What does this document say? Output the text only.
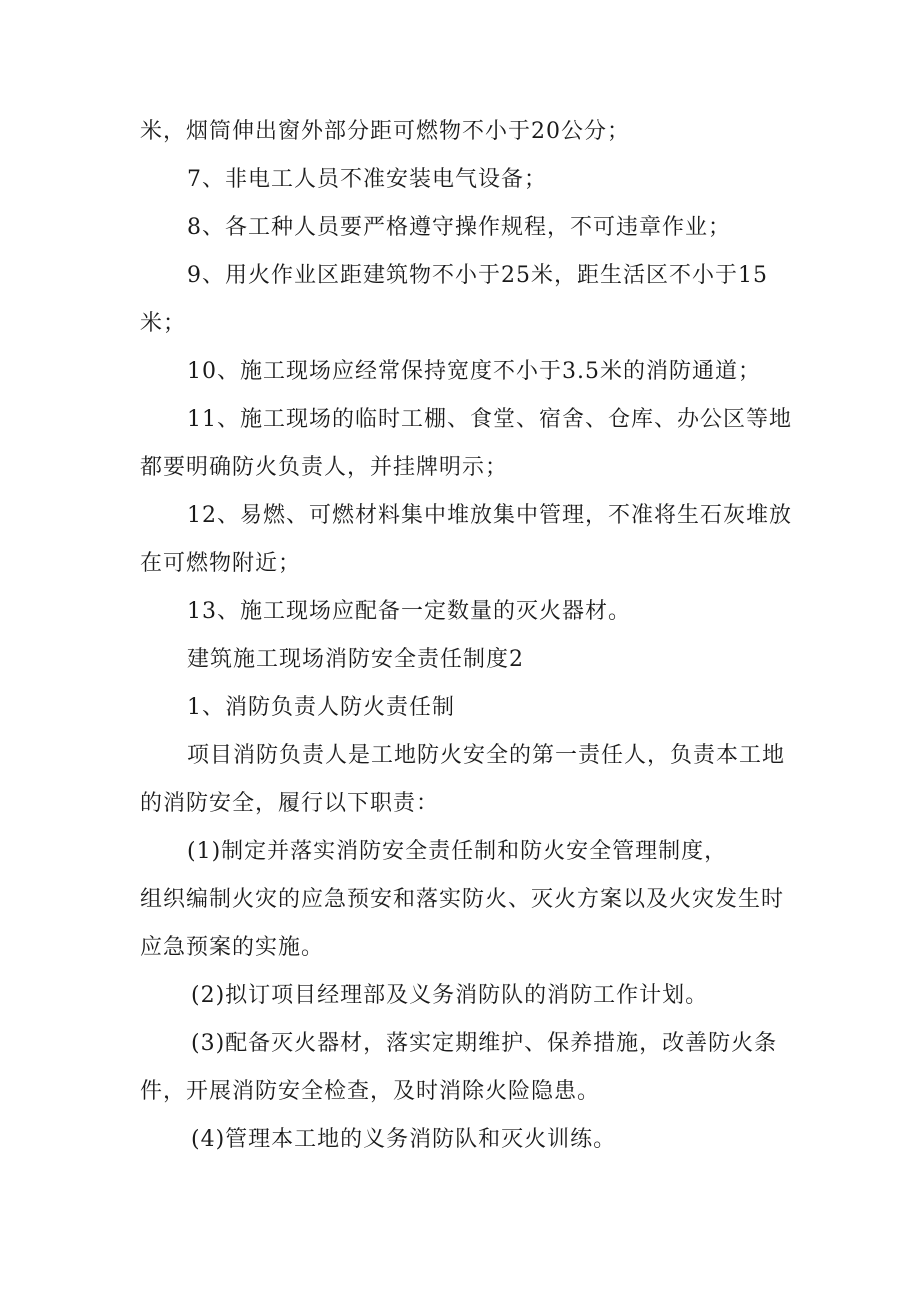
米，烟筒伸出窗外部分距可燃物不小于20公分；
7、非电工人员不准安装电气设备；
8、各工种人员要严格遵守操作规程，不可违章作业；
9、用火作业区距建筑物不小于25米，距生活区不小于15
米；
10、施工现场应经常保持宽度不小于3.5米的消防通道；
11、施工现场的临时工棚、食堂、宿舍、仓库、办公区等地
都要明确防火负责人，并挂牌明示；
12、易燃、可燃材料集中堆放集中管理，不准将生石灰堆放
在可燃物附近；
13、施工现场应配备一定数量的灭火器材。
建筑施工现场消防安全责任制度2
1、消防负责人防火责任制
项目消防负责人是工地防火安全的第一责任人，负责本工地
的消防安全，履行以下职责：
(1)制定并落实消防安全责任制和防火安全管理制度，
组织编制火灾的应急预安和落实防火、灭火方案以及火灾发生时
应急预案的实施。
(2)拟订项目经理部及义务消防队的消防工作计划。
(3)配备灭火器材，落实定期维护、保养措施，改善防火条
件，开展消防安全检查，及时消除火险隐患。
(4)管理本工地的义务消防队和灭火训练。
